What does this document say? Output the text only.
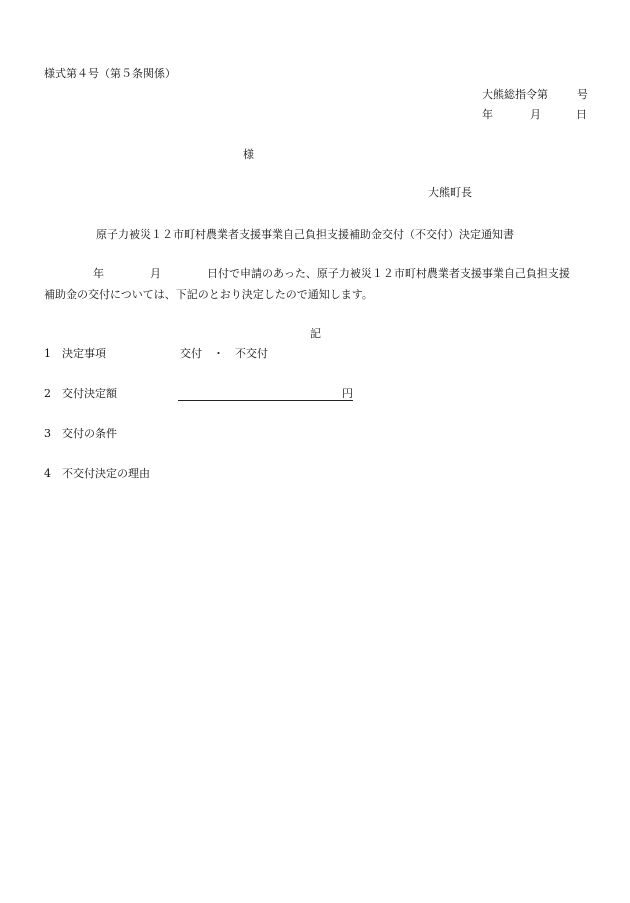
様式第４号（第５条関係）
大熊総指令第	号
年	月	日
様
大熊町長
原子力被災１２市町村農業者支援事業自己負担支援補助金交付（不交付）決定通知書
年	月	日付で申請のあった、原子力被災１２市町村農業者支援事業自己負担支援
補助金の交付については、下記のとおり決定したので通知します。
記
1 決定事項	交付　・　不交付
2 交付決定額	円
3 交付の条件
4 不交付決定の理由
